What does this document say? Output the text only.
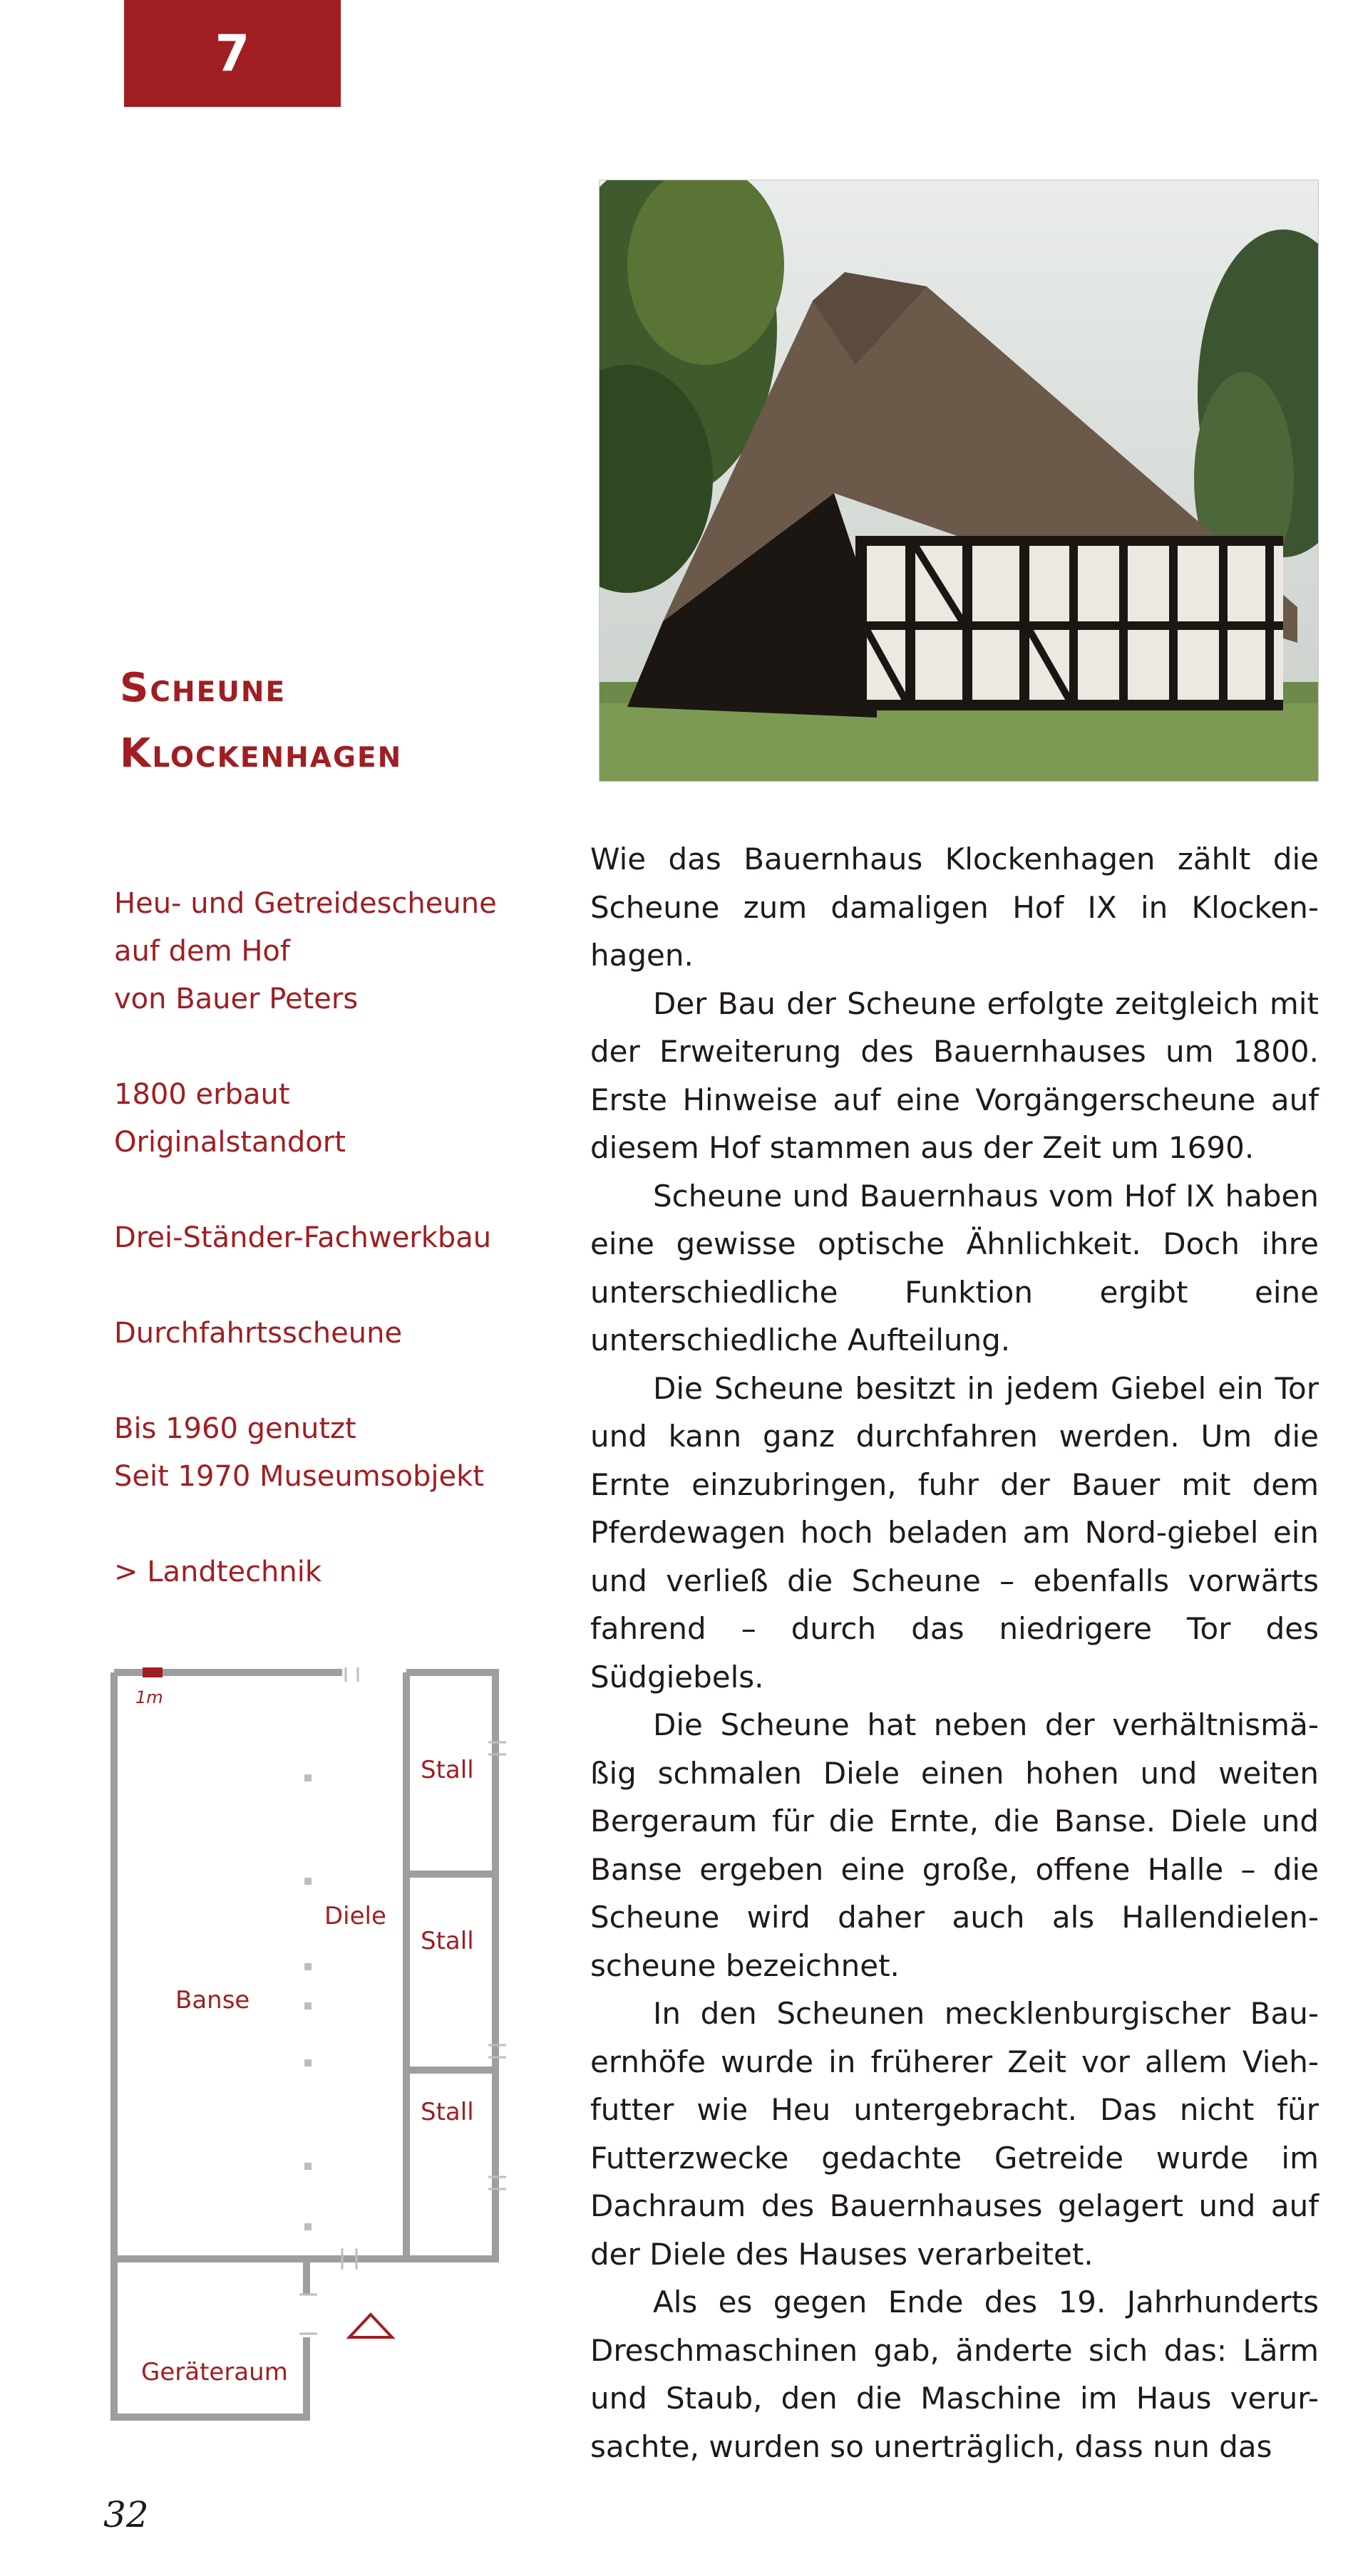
7
Scheune
Klockenhagen

Heu- und Getreidescheune
auf dem Hof
von Bauer Peters

1800 erbaut
Originalstandort

Drei-Ständer-Fachwerkbau

Durchfahrtsscheune

Bis 1960 genutzt
Seit 1970 Museumsobjekt

> Landtechnik

Wie das Bauernhaus Klockenhagen zählt die Scheune zum damaligen Hof IX in Klocken-hagen.

Der Bau der Scheune erfolgte zeitgleich mit der Erweiterung des Bauernhauses um 1800. Erste Hinweise auf eine Vorgängerscheune auf diesem Hof stammen aus der Zeit um 1690.

Scheune und Bauernhaus vom Hof IX haben eine gewisse optische Ähnlichkeit. Doch ihre unterschiedliche Funktion ergibt eine unterschiedliche Aufteilung.

Die Scheune besitzt in jedem Giebel ein Tor und kann ganz durchfahren werden. Um die Ernte einzubringen, fuhr der Bauer mit dem Pferdewagen hoch beladen am Nord-giebel ein und verließ die Scheune – ebenfalls vorwärts fahrend – durch das niedrigere Tor des Südgiebels.

Die Scheune hat neben der verhältnismä-ßig schmalen Diele einen hohen und weiten Bergeraum für die Ernte, die Banse. Diele und Banse ergeben eine große, offene Halle – die Scheune wird daher auch als Hallendielen-scheune bezeichnet.

In den Scheunen mecklenburgischer Bau-ernhöfe wurde in früherer Zeit vor allem Vieh-futter wie Heu untergebracht. Das nicht für Futterzwecke gedachte Getreide wurde im Dachraum des Bauernhauses gelagert und auf der Diele des Hauses verarbeitet.

Als es gegen Ende des 19. Jahrhunderts Dreschmaschinen gab, änderte sich das: Lärm und Staub, den die Maschine im Haus verur-sachte, wurden so unerträglich, dass nun das

1m
Banse
Diele
Stall
Stall
Stall
Geräteraum
32
